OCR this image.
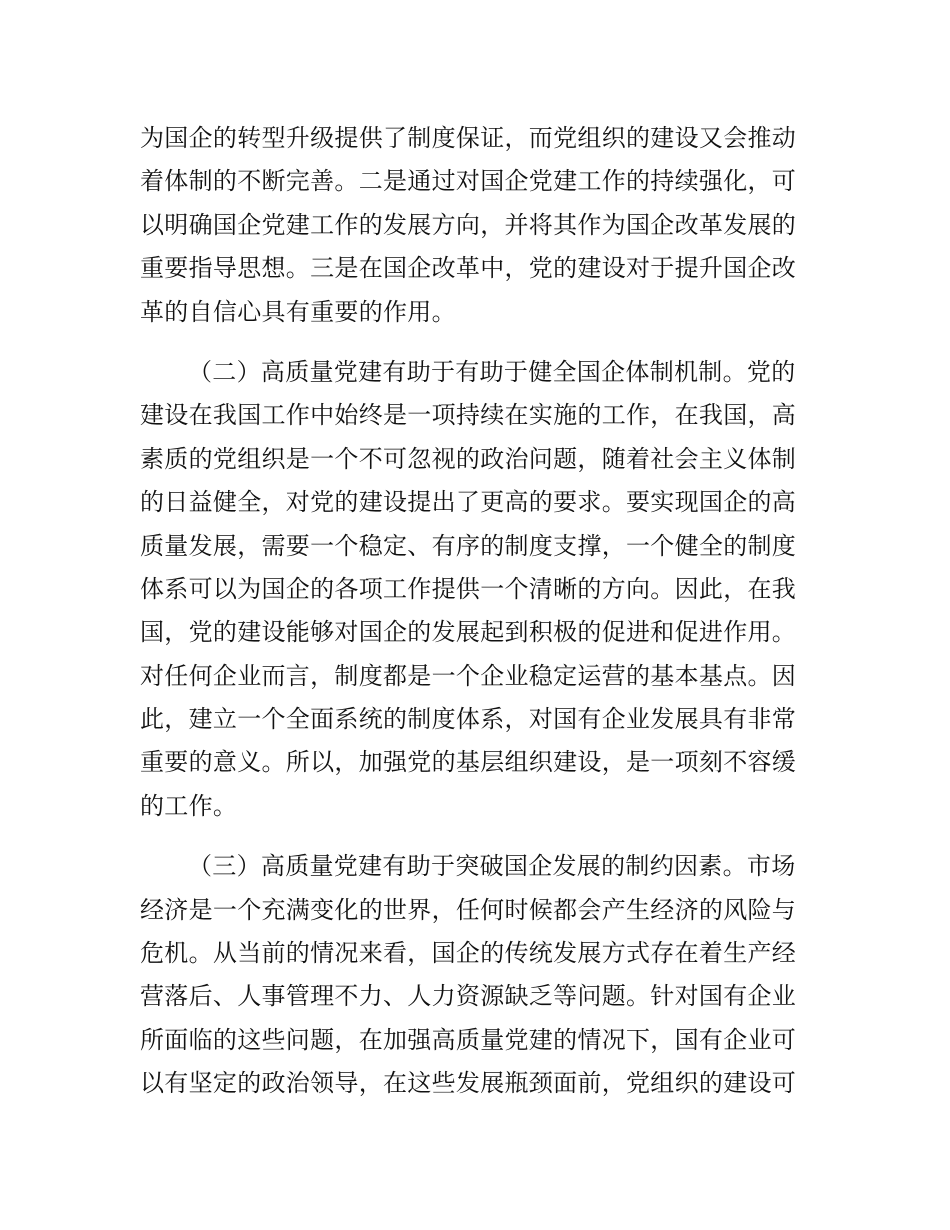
为国企的转型升级提供了制度保证，而党组织的建设又会推动
着体制的不断完善。二是通过对国企党建工作的持续强化，可
以明确国企党建工作的发展方向，并将其作为国企改革发展的
重要指导思想。三是在国企改革中，党的建设对于提升国企改
革的自信心具有重要的作用。
（二）高质量党建有助于有助于健全国企体制机制。党的
建设在我国工作中始终是一项持续在实施的工作，在我国，高
素质的党组织是一个不可忽视的政治问题，随着社会主义体制
的日益健全，对党的建设提出了更高的要求。要实现国企的高
质量发展，需要一个稳定、有序的制度支撑，一个健全的制度
体系可以为国企的各项工作提供一个清晰的方向。因此，在我
国，党的建设能够对国企的发展起到积极的促进和促进作用。
对任何企业而言，制度都是一个企业稳定运营的基本基点。因
此，建立一个全面系统的制度体系，对国有企业发展具有非常
重要的意义。所以，加强党的基层组织建设，是一项刻不容缓
的工作。
（三）高质量党建有助于突破国企发展的制约因素。市场
经济是一个充满变化的世界，任何时候都会产生经济的风险与
危机。从当前的情况来看，国企的传统发展方式存在着生产经
营落后、人事管理不力、人力资源缺乏等问题。针对国有企业
所面临的这些问题，在加强高质量党建的情况下，国有企业可
以有坚定的政治领导，在这些发展瓶颈面前，党组织的建设可
